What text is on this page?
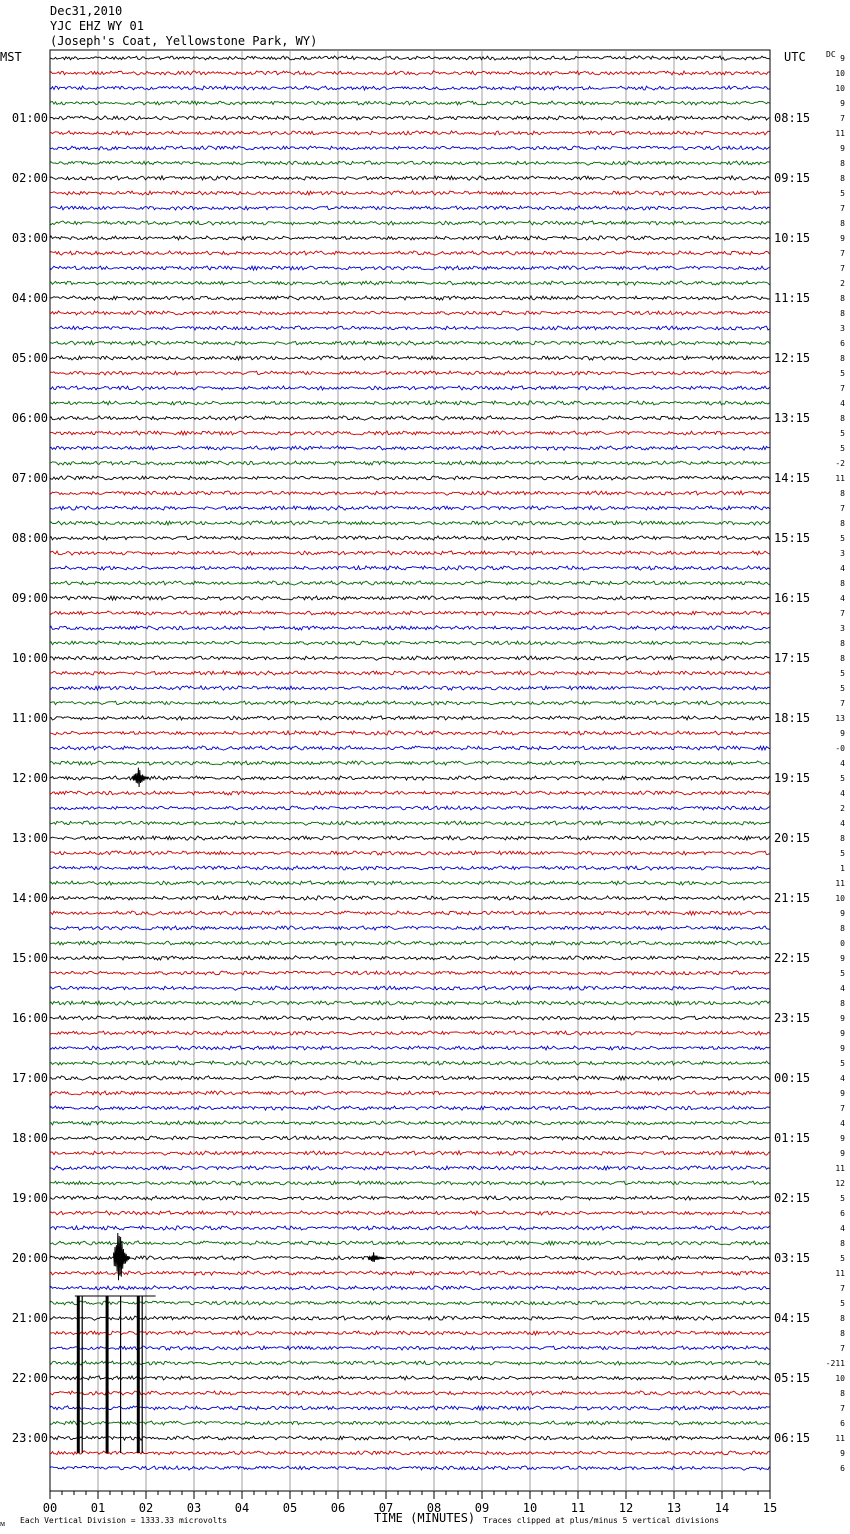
Dec31,2010
YJC EHZ WY 01
(Joseph's Coat, Yellowstone Park, WY)
00	01	02	03	04	05	06	07	08	09	10	11	12	13	14	15
01:00	08:15
02:00	09:15
03:00	10:15
04:00	11:15
05:00	12:15
06:00	13:15
07:00	14:15
08:00	15:15
09:00	16:15
10:00	17:15
11:00	18:15
12:00	19:15
13:00	20:15
14:00	21:15
15:00	22:15
16:00	23:15
17:00	00:15
18:00	01:15
19:00	02:15
20:00	03:15
21:00	04:15
22:00	05:15
23:00	06:15
9
10
10
9
7
11
9
8
8
5
7
8
9
7
7
2
8
8
3
6
8
5
7
4
8
5
5
-2
11
8
7
8
5
3
4
8
4
7
3
8
8
5
5
7
13
9
-0
4
5
4
2
4
8
5
1
11
10
9
8
0
9
5
4
8
9
9
9
5
4
9
7
4
9
9
11
12
5
6
4
8
5
11
7
5
8
8
7
-211
10
8
7
6
11
9
6
MST	UTC	DC
TIME (MINUTES)
Each Vertical Division = 1333.33 microvolts	Traces clipped at plus/minus 5 vertical divisions
ᴍ
